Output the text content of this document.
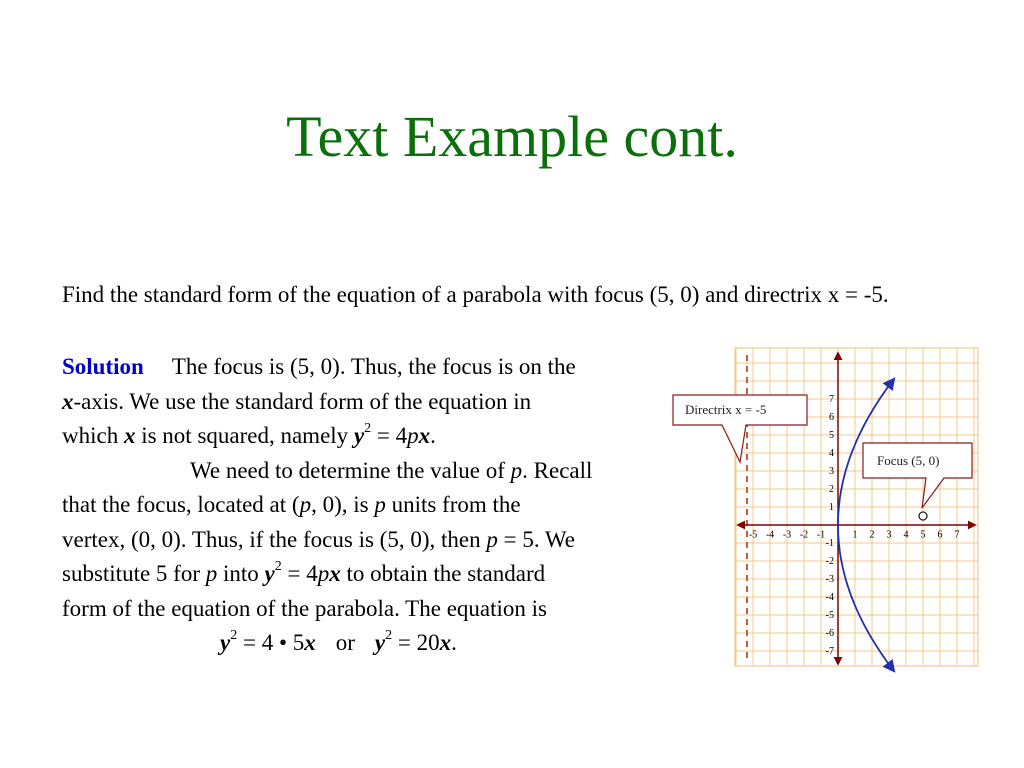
Text Example cont.
Find the standard form of the equation of a parabola with focus (5, 0) and directrix x = -5.
Solution The focus is (5, 0). Thus, the focus is on the
x-axis. We use the standard form of the equation in
which x is not squared, namely $y^2 = 4px$.
We need to determine the value of p. Recall
that the focus, located at (p, 0), is p units from the
vertex, (0, 0). Thus, if the focus is (5, 0), then p = 5. We
substitute 5 for p into $y^2 = 4px$ to obtain the standard
form of the equation of the parabola. The equation is
$y^2 = 4$ • 5x or $y^2 = 20x$.
-5 -4 -3 -2 -1	1 2 3 4 5 6 7
7
6
5
4
3
2
1
-1
-2
-3
-4
-5
-6
-7
Directrix x = -5
Focus (5, 0)
